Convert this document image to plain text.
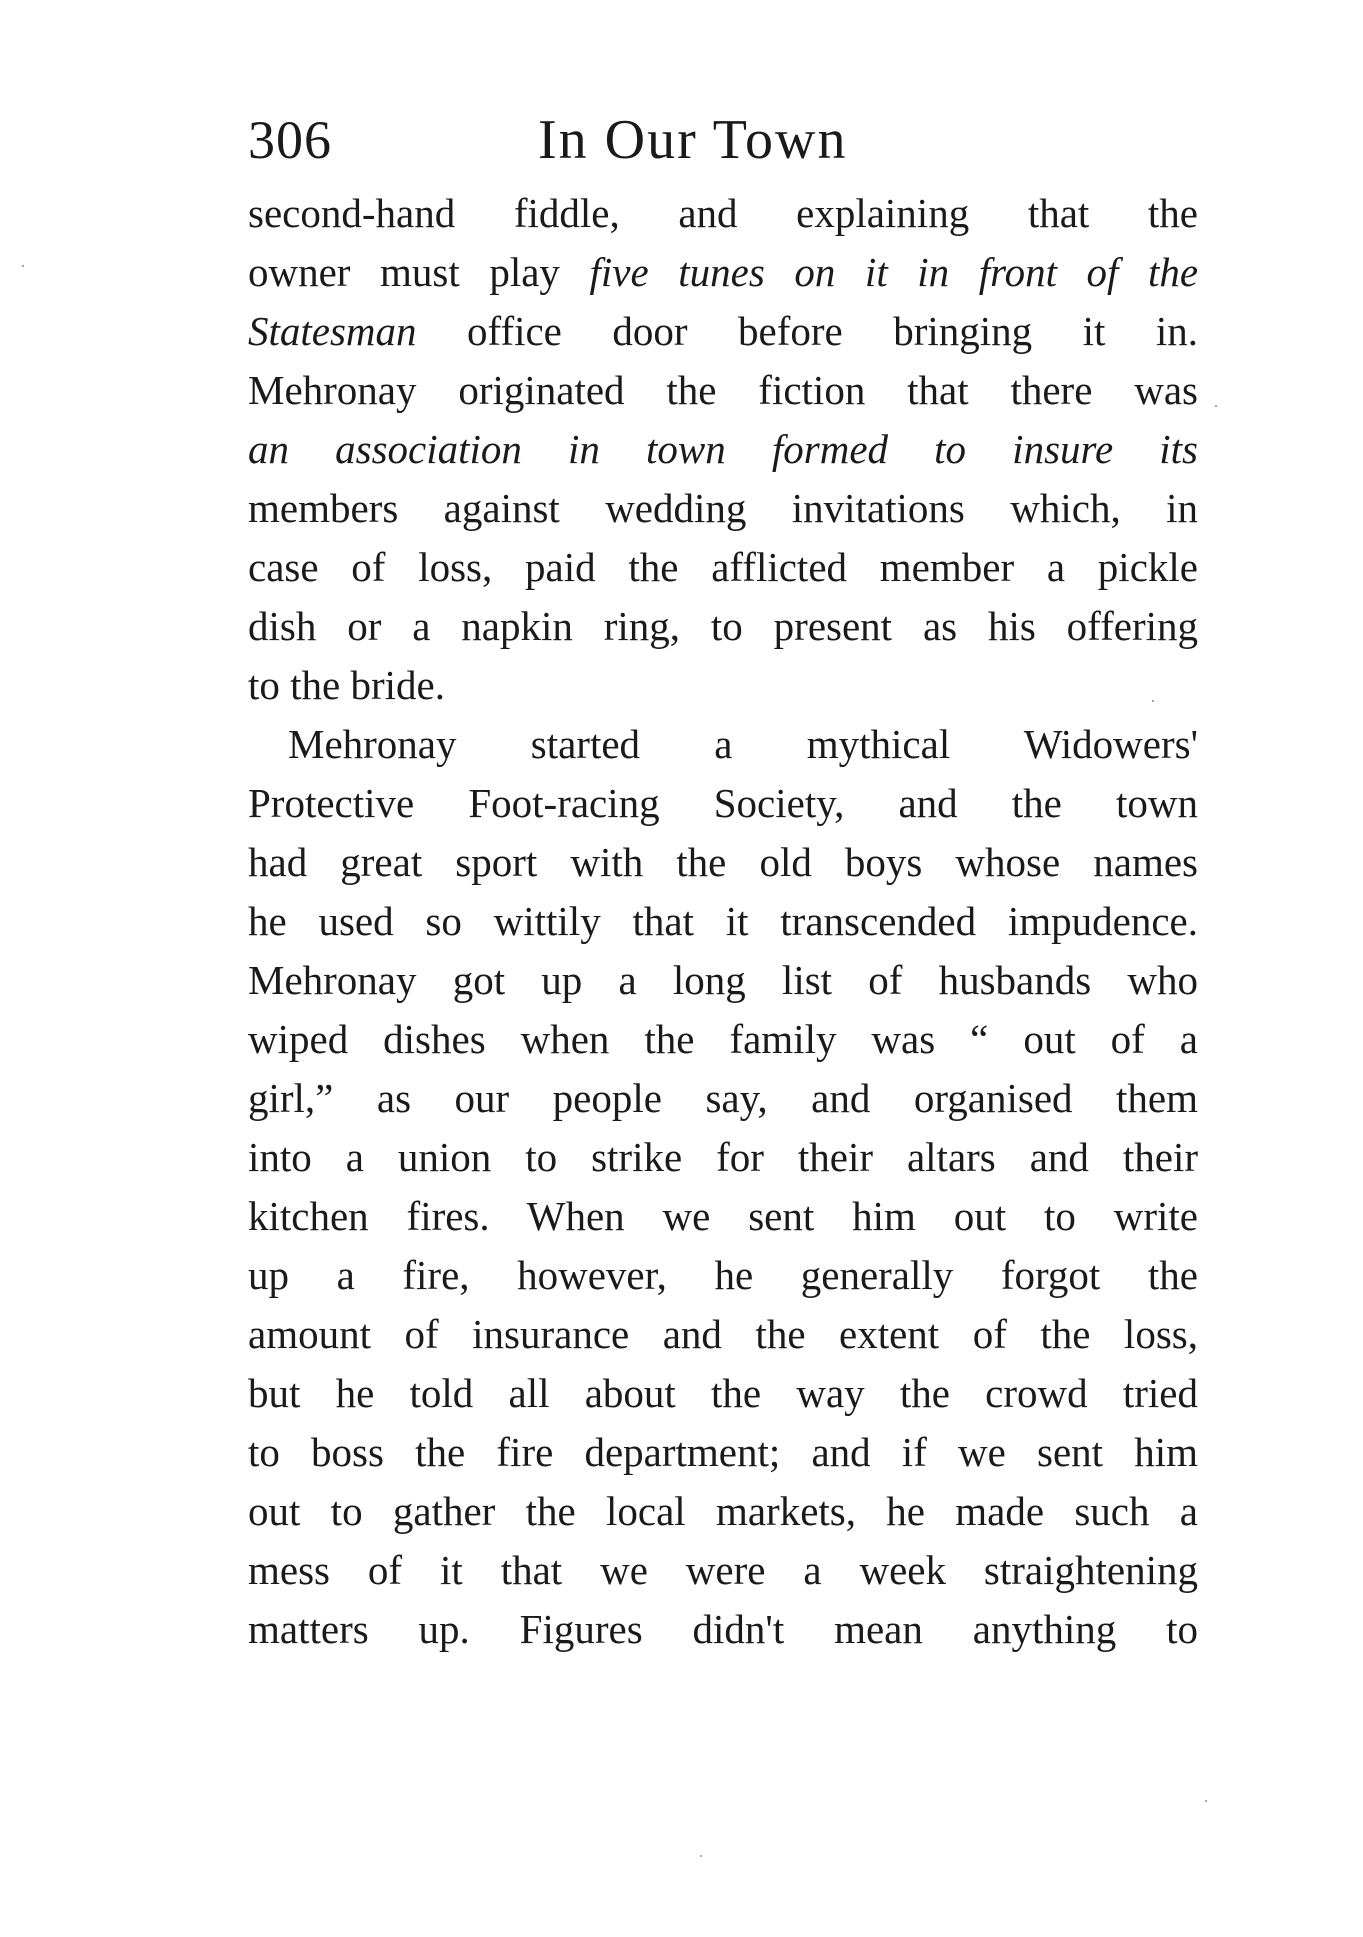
306	In Our Town
second-hand fiddle, and explaining that the
owner must play five tunes on it in front of the
Statesman office door before bringing it in.
Mehronay originated the fiction that there was
an association in town formed to insure its
members against wedding invitations which, in
case of loss, paid the afflicted member a pickle
dish or a napkin ring, to present as his offering
to the bride.
Mehronay started a mythical Widowers'
Protective Foot-racing Society, and the town
had great sport with the old boys whose names
he used so wittily that it transcended impudence.
Mehronay got up a long list of husbands who
wiped dishes when the family was “ out of a
girl,” as our people say, and organised them
into a union to strike for their altars and their
kitchen fires. When we sent him out to write
up a fire, however, he generally forgot the
amount of insurance and the extent of the loss,
but he told all about the way the crowd tried
to boss the fire department; and if we sent him
out to gather the local markets, he made such a
mess of it that we were a week straightening
matters up. Figures didn't mean anything to
